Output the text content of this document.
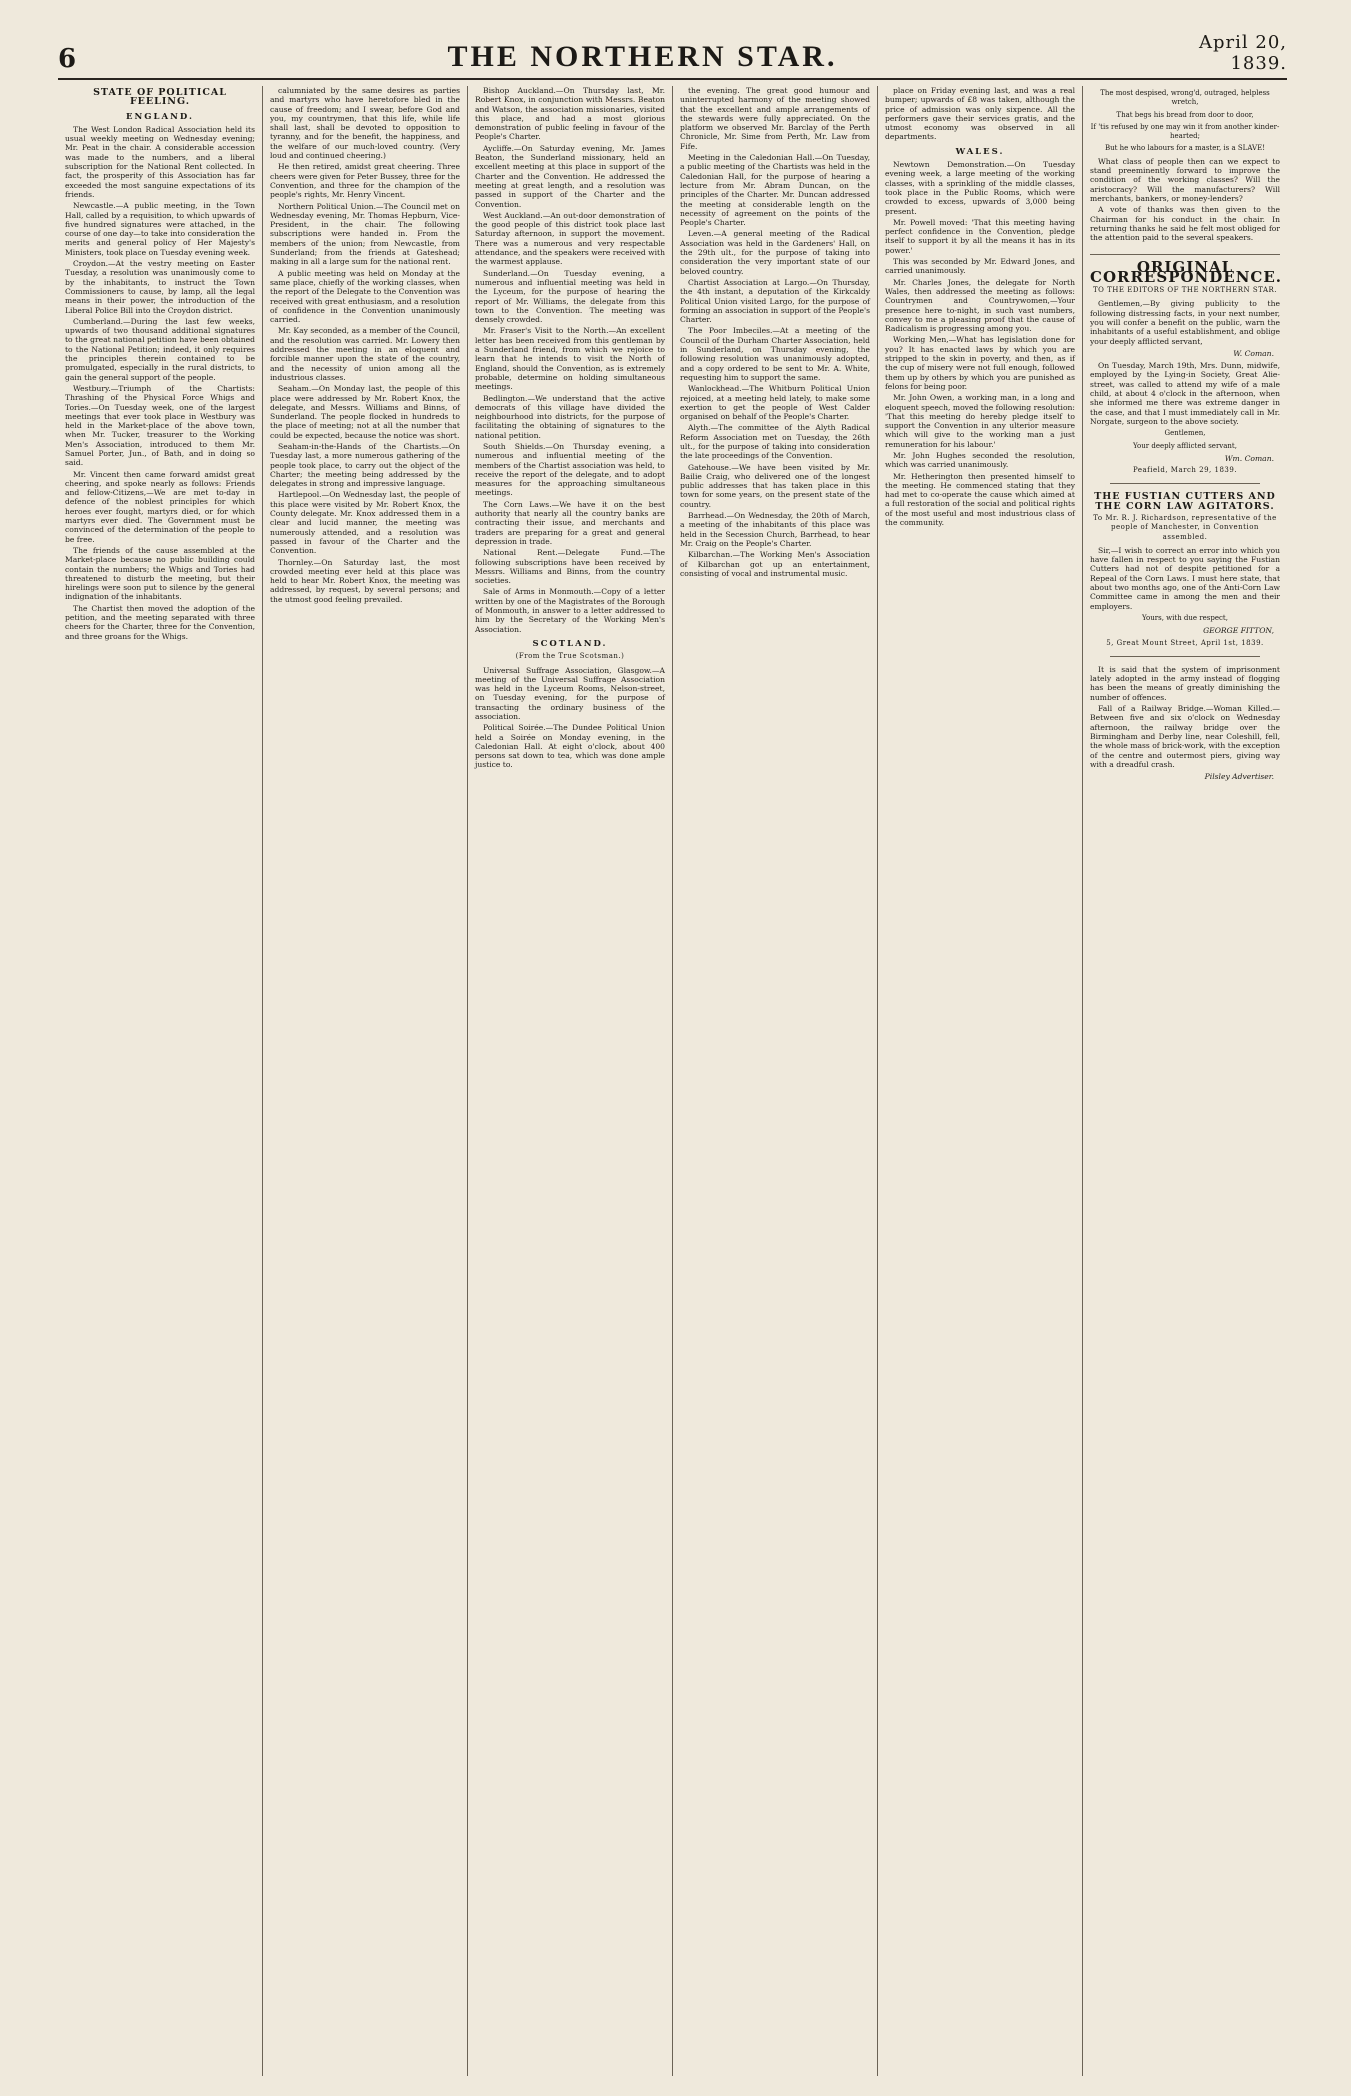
6	THE NORTHERN STAR.	April 20, 1839.
STATE OF POLITICAL FEELING.
ENGLAND.

The West London Radical Association held its usual weekly meeting on Wednesday evening; Mr. Peat in the chair. A considerable accession was made to the numbers, and a liberal subscription for the National Rent collected. In fact, the prosperity of this Association has far exceeded the most sanguine expectations of its friends.

Newcastle.—A public meeting, in the Town Hall, called by a requisition, to which upwards of five hundred signatures were attached, in the course of one day—to take into consideration the merits and general policy of Her Majesty's Ministers, took place on Tuesday evening week.

Croydon.—At the vestry meeting on Easter Tuesday, a resolution was unanimously come to by the inhabitants, to instruct the Town Commissioners to cause, by lamp, all the legal means in their power, the introduction of the Liberal Police Bill into the Croydon district.

Cumberland.—During the last few weeks, upwards of two thousand additional signatures to the great national petition have been obtained to the National Petition; indeed, it only requires the principles therein contained to be promulgated, especially in the rural districts, to gain the general support of the people.

Westbury.—Triumph of the Chartists: Thrashing of the Physical Force Whigs and Tories.—On Tuesday week, one of the largest meetings that ever took place in Westbury was held in the Market-place of the above town, when Mr. Tucker, treasurer to the Working Men's Association, introduced to them Mr. Samuel Porter, Jun., of Bath, and in doing so said.

Mr. Vincent then came forward amidst great cheering, and spoke nearly as follows: Friends and fellow-Citizens,—We are met to-day in defence of the noblest principles for which heroes ever fought, martyrs died, or for which martyrs ever died. The Government must be convinced of the determination of the people to be free.

The friends of the cause assembled at the Market-place because no public building could contain the numbers; the Whigs and Tories had threatened to disturb the meeting, but their hirelings were soon put to silence by the general indignation of the inhabitants.

The Chartist then moved the adoption of the petition, and the meeting separated with three cheers for the Charter, three for the Convention, and three groans for the Whigs.

calumniated by the same desires as parties and martyrs who have heretofore bled in the cause of freedom; and I swear, before God and you, my countrymen, that this life, while life shall last, shall be devoted to opposition to tyranny, and for the benefit, the happiness, and the welfare of our much-loved country. (Very loud and continued cheering.)

He then retired, amidst great cheering. Three cheers were given for Peter Bussey, three for the Convention, and three for the champion of the people's rights, Mr. Henry Vincent.

Northern Political Union.—The Council met on Wednesday evening, Mr. Thomas Hepburn, Vice-President, in the chair. The following subscriptions were handed in. From the members of the union; from Newcastle, from Sunderland; from the friends at Gateshead; making in all a large sum for the national rent.

A public meeting was held on Monday at the same place, chiefly of the working classes, when the report of the Delegate to the Convention was received with great enthusiasm, and a resolution of confidence in the Convention unanimously carried.

Mr. Kay seconded, as a member of the Council, and the resolution was carried. Mr. Lowery then addressed the meeting in an eloquent and forcible manner upon the state of the country, and the necessity of union among all the industrious classes.

Seaham.—On Monday last, the people of this place were addressed by Mr. Robert Knox, the delegate, and Messrs. Williams and Binns, of Sunderland. The people flocked in hundreds to the place of meeting; not at all the number that could be expected, because the notice was short.

Seaham-in-the-Hands of the Chartists.—On Tuesday last, a more numerous gathering of the people took place, to carry out the object of the Charter; the meeting being addressed by the delegates in strong and impressive language.

Hartlepool.—On Wednesday last, the people of this place were visited by Mr. Robert Knox, the County delegate. Mr. Knox addressed them in a clear and lucid manner, the meeting was numerously attended, and a resolution was passed in favour of the Charter and the Convention.

Thornley.—On Saturday last, the most crowded meeting ever held at this place was held to hear Mr. Robert Knox, the meeting was addressed, by request, by several persons; and the utmost good feeling prevailed.

Bishop Auckland.—On Thursday last, Mr. Robert Knox, in conjunction with Messrs. Beaton and Watson, the association missionaries, visited this place, and had a most glorious demonstration of public feeling in favour of the People's Charter.

Aycliffe.—On Saturday evening, Mr. James Beaton, the Sunderland missionary, held an excellent meeting at this place in support of the Charter and the Convention. He addressed the meeting at great length, and a resolution was passed in support of the Charter and the Convention.

West Auckland.—An out-door demonstration of the good people of this district took place last Saturday afternoon, in support the movement. There was a numerous and very respectable attendance, and the speakers were received with the warmest applause.

Sunderland.—On Tuesday evening, a numerous and influential meeting was held in the Lyceum, for the purpose of hearing the report of Mr. Williams, the delegate from this town to the Convention. The meeting was densely crowded.

Mr. Fraser's Visit to the North.—An excellent letter has been received from this gentleman by a Sunderland friend, from which we rejoice to learn that he intends to visit the North of England, should the Convention, as is extremely probable, determine on holding simultaneous meetings.

Bedlington.—We understand that the active democrats of this village have divided the neighbourhood into districts, for the purpose of facilitating the obtaining of signatures to the national petition.

South Shields.—On Thursday evening, a numerous and influential meeting of the members of the Chartist association was held, to receive the report of the delegate, and to adopt measures for the approaching simultaneous meetings.

The Corn Laws.—We have it on the best authority that nearly all the country banks are contracting their issue, and merchants and traders are preparing for a great and general depression in trade.

National Rent.—Delegate Fund.—The following subscriptions have been received by Messrs. Williams and Binns, from the country societies.

Sale of Arms in Monmouth.—Copy of a letter written by one of the Magistrates of the Borough of Monmouth, in answer to a letter addressed to him by the Secretary of the Working Men's Association.

SCOTLAND.
(From the True Scotsman.)

Universal Suffrage Association, Glasgow.—A meeting of the Universal Suffrage Association was held in the Lyceum Rooms, Nelson-street, on Tuesday evening, for the purpose of transacting the ordinary business of the association.

Political Soirée.—The Dundee Political Union held a Soirée on Monday evening, in the Caledonian Hall. At eight o'clock, about 400 persons sat down to tea, which was done ample justice to.

the evening. The great good humour and uninterrupted harmony of the meeting showed that the excellent and ample arrangements of the stewards were fully appreciated. On the platform we observed Mr. Barclay of the Perth Chronicle, Mr. Sime from Perth, Mr. Law from Fife.

Meeting in the Caledonian Hall.—On Tuesday, a public meeting of the Chartists was held in the Caledonian Hall, for the purpose of hearing a lecture from Mr. Abram Duncan, on the principles of the Charter. Mr. Duncan addressed the meeting at considerable length on the necessity of agreement on the points of the People's Charter.

Leven.—A general meeting of the Radical Association was held in the Gardeners' Hall, on the 29th ult., for the purpose of taking into consideration the very important state of our beloved country.

Chartist Association at Largo.—On Thursday, the 4th instant, a deputation of the Kirkcaldy Political Union visited Largo, for the purpose of forming an association in support of the People's Charter.

The Poor Imbeciles.—At a meeting of the Council of the Durham Charter Association, held in Sunderland, on Thursday evening, the following resolution was unanimously adopted, and a copy ordered to be sent to Mr. A. White, requesting him to support the same.

Wanlockhead.—The Whitburn Political Union rejoiced, at a meeting held lately, to make some exertion to get the people of West Calder organised on behalf of the People's Charter.

Alyth.—The committee of the Alyth Radical Reform Association met on Tuesday, the 26th ult., for the purpose of taking into consideration the late proceedings of the Convention.

Gatehouse.—We have been visited by Mr. Bailie Craig, who delivered one of the longest public addresses that has taken place in this town for some years, on the present state of the country.

Barrhead.—On Wednesday, the 20th of March, a meeting of the inhabitants of this place was held in the Secession Church, Barrhead, to hear Mr. Craig on the People's Charter.

Kilbarchan.—The Working Men's Association of Kilbarchan got up an entertainment, consisting of vocal and instrumental music.

place on Friday evening last, and was a real bumper; upwards of £8 was taken, although the price of admission was only sixpence. All the performers gave their services gratis, and the utmost economy was observed in all departments.

WALES.

Newtown Demonstration.—On Tuesday evening week, a large meeting of the working classes, with a sprinkling of the middle classes, took place in the Public Rooms, which were crowded to excess, upwards of 3,000 being present.

Mr. Powell moved: 'That this meeting having perfect confidence in the Convention, pledge itself to support it by all the means it has in its power.'

This was seconded by Mr. Edward Jones, and carried unanimously.

Mr. Charles Jones, the delegate for North Wales, then addressed the meeting as follows: Countrymen and Countrywomen,—Your presence here to-night, in such vast numbers, convey to me a pleasing proof that the cause of Radicalism is progressing among you.

Working Men,—What has legislation done for you? It has enacted laws by which you are stripped to the skin in poverty, and then, as if the cup of misery were not full enough, followed them up by others by which you are punished as felons for being poor.

Mr. John Owen, a working man, in a long and eloquent speech, moved the following resolution: 'That this meeting do hereby pledge itself to support the Convention in any ulterior measure which will give to the working man a just remuneration for his labour.'

Mr. John Hughes seconded the resolution, which was carried unanimously.

Mr. Hetherington then presented himself to the meeting. He commenced stating that they had met to co-operate the cause which aimed at a full restoration of the social and political rights of the most useful and most industrious class of the community.

The most despised, wrong'd, outraged, helpless wretch,
That begs his bread from door to door,
If 'tis refused by one may win it from another kinder-hearted;
But he who labours for a master, is a SLAVE!

What class of people then can we expect to stand preeminently forward to improve the condition of the working classes? Will the aristocracy? Will the manufacturers? Will merchants, bankers, or money-lenders?

A vote of thanks was then given to the Chairman for his conduct in the chair. In returning thanks he said he felt most obliged for the attention paid to the several speakers.

ORIGINAL CORRESPONDENCE.
TO THE EDITORS OF THE NORTHERN STAR.

Gentlemen,—By giving publicity to the following distressing facts, in your next number, you will confer a benefit on the public, warn the inhabitants of a useful establishment, and oblige your deeply afflicted servant,

W. Coman.

On Tuesday, March 19th, Mrs. Dunn, midwife, employed by the Lying-in Society, Great Alie-street, was called to attend my wife of a male child, at about 4 o'clock in the afternoon, when she informed me there was extreme danger in the case, and that I must immediately call in Mr. Norgate, surgeon to the above society.

Gentlemen,
Your deeply afflicted servant,
Wm. Coman.
Peafield, March 29, 1839.
THE FUSTIAN CUTTERS AND THE CORN LAW AGITATORS.
To Mr. R. J. Richardson, representative of the people of Manchester, in Convention assembled.

Sir,—I wish to correct an error into which you have fallen in respect to you saying the Fustian Cutters had not of despite petitioned for a Repeal of the Corn Laws. I must here state, that about two months ago, one of the Anti-Corn Law Committee came in among the men and their employers.

Yours, with due respect,
GEORGE FITTON,
5, Great Mount Street, April 1st, 1839.

It is said that the system of imprisonment lately adopted in the army instead of flogging has been the means of greatly diminishing the number of offences.

Fall of a Railway Bridge.—Woman Killed.—Between five and six o'clock on Wednesday afternoon, the railway bridge over the Birmingham and Derby line, near Coleshill, fell, the whole mass of brick-work, with the exception of the centre and outermost piers, giving way with a dreadful crash.

Pilsley Advertiser.
